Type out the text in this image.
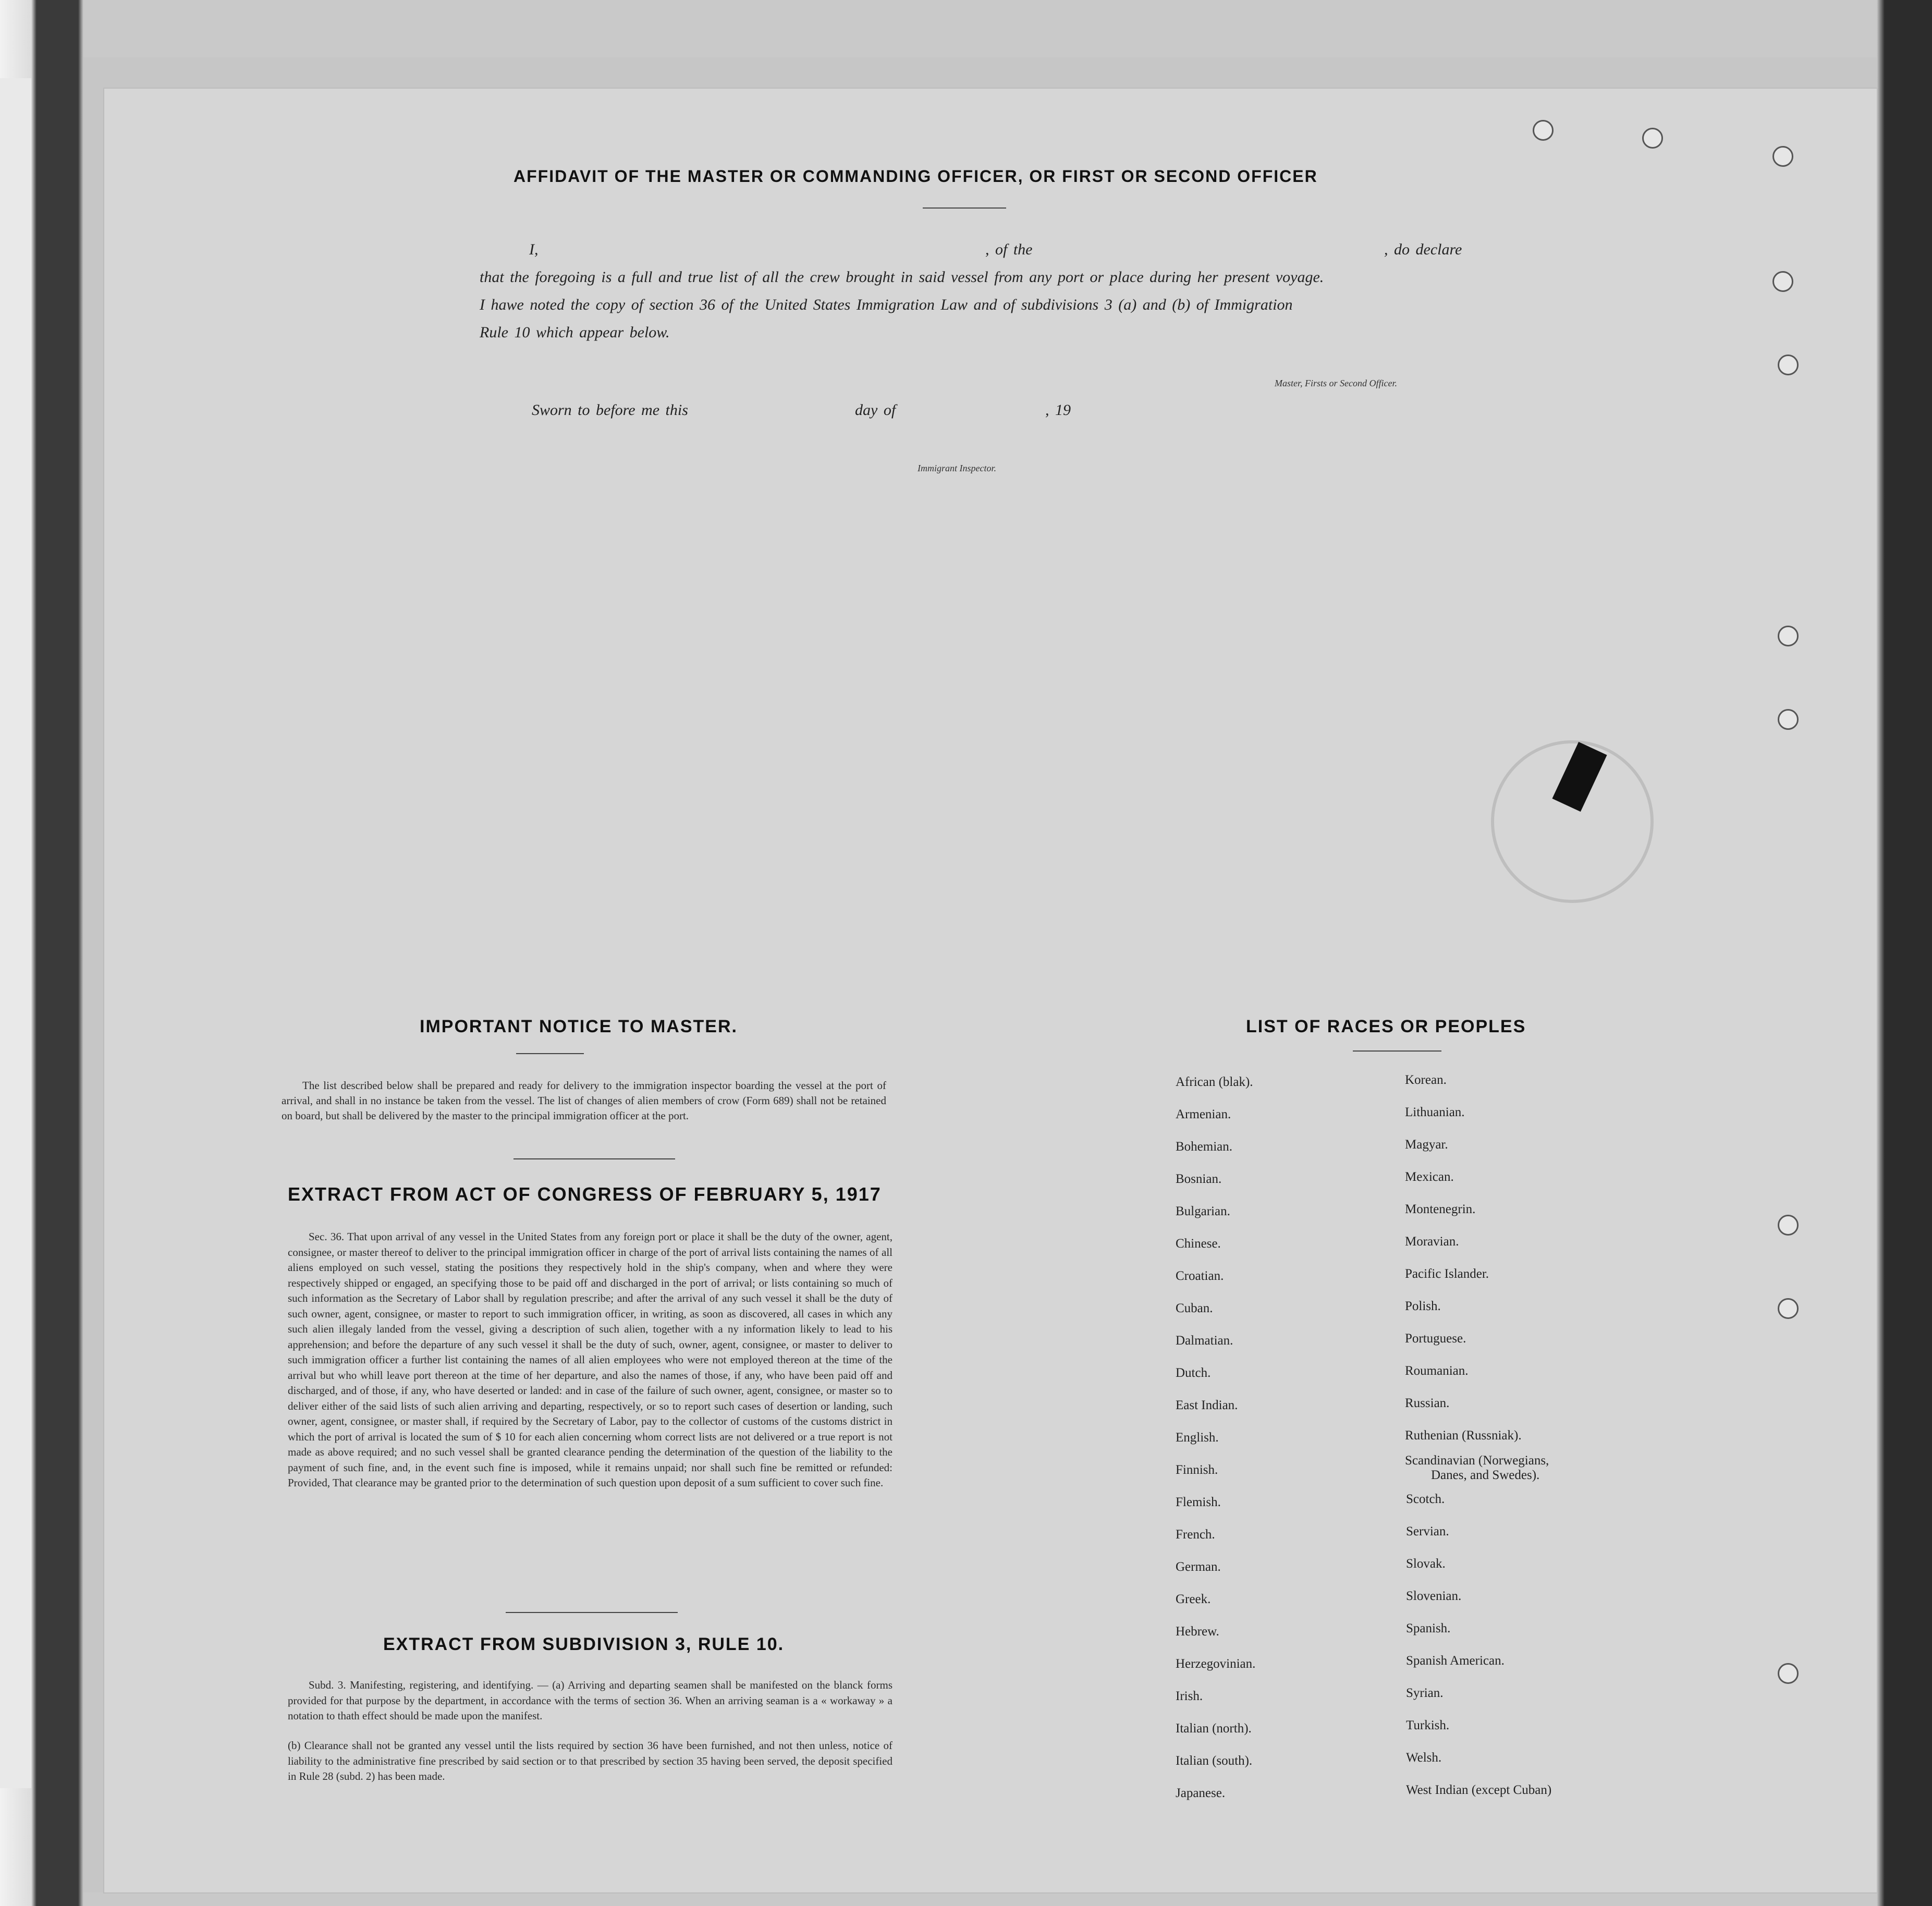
AFFIDAVIT OF THE MASTER OR COMMANDING OFFICER, OR FIRST OR SECOND OFFICER

I,	, of the	, do declare

that the foregoing is a full and true list of all the crew brought in said vessel from any port or place during her present voyage.

I hawe noted the copy of section 36 of the United States Immigration Law and of subdivisions 3 (a) and (b) of Immigration

Rule 10 which appear below.

Master, Firsts or Second Officer.

Sworn to before me this	day of	, 19

Immigrant Inspector.

IMPORTANT NOTICE TO MASTER.

The list described below shall be prepared and ready for delivery to the immigration inspector boarding the vessel at the port of arrival, and shall in no instance be taken from the vessel. The list of changes of alien members of crow (Form 689) shall not be retained on board, but shall be delivered by the master to the principal immigration officer at the port.

EXTRACT FROM ACT OF CONGRESS OF FEBRUARY 5, 1917

Sec. 36. That upon arrival of any vessel in the United States from any foreign port or place it shall be the duty of the owner, agent, consignee, or master thereof to deliver to the principal immigration officer in charge of the port of arrival lists containing the names of all aliens employed on such vessel, stating the positions they respectively hold in the ship's company, when and where they were respectively shipped or engaged, an specifying those to be paid off and discharged in the port of arrival; or lists containing so much of such information as the Secretary of Labor shall by regulation prescribe; and after the arrival of any such vessel it shall be the duty of such owner, agent, consignee, or master to report to such immigration officer, in writing, as soon as discovered, all cases in which any such alien illegaly landed from the vessel, giving a description of such alien, together with a ny information likely to lead to his apprehension; and before the departure of any such vessel it shall be the duty of such, owner, agent, consignee, or master to deliver to such immigration officer a further list containing the names of all alien employees who were not employed thereon at the time of the arrival but who whill leave port thereon at the time of her departure, and also the names of those, if any, who have been paid off and discharged, and of those, if any, who have deserted or landed: and in case of the failure of such owner, agent, consignee, or master so to deliver either of the said lists of such alien arriving and departing, respectively, or so to report such cases of desertion or landing, such owner, agent, consignee, or master shall, if required by the Secretary of Labor, pay to the collector of customs of the customs district in which the port of arrival is located the sum of $ 10 for each alien concerning whom correct lists are not delivered or a true report is not made as above required; and no such vessel shall be granted clearance pending the determination of the question of the liability to the payment of such fine, and, in the event such fine is imposed, while it remains unpaid; nor shall such fine be remitted or refunded: Provided, That clearance may be granted prior to the determination of such question upon deposit of a sum sufficient to cover such fine.

EXTRACT FROM SUBDIVISION 3, RULE 10.

Subd. 3. Manifesting, registering, and identifying. — (a) Arriving and departing seamen shall be manifested on the blanck forms provided for that purpose by the department, in accordance with the terms of section 36. When an arriving seaman is a « workaway » a notation to thath effect should be made upon the manifest.

(b) Clearance shall not be granted any vessel until the lists required by section 36 have been furnished, and not then unless, notice of liability to the administrative fine prescribed by said section or to that prescribed by section 35 having been served, the deposit specified in Rule 28 (subd. 2) has been made.

LIST OF RACES OR PEOPLES

African (blak).

Armenian.

Bohemian.

Bosnian.

Bulgarian.

Chinese.

Croatian.

Cuban.

Dalmatian.

Dutch.

East Indian.

English.

Finnish.

Flemish.

French.

German.

Greek.

Hebrew.

Herzegovinian.

Irish.

Italian (north).

Italian (south).

Japanese.

Korean.

Lithuanian.

Magyar.

Mexican.

Montenegrin.

Moravian.

Pacific Islander.

Polish.

Portuguese.

Roumanian.

Russian.

Ruthenian (Russniak).

Scandinavian (Norwegians,
Danes, and Swedes).

Scotch.

Servian.

Slovak.

Slovenian.

Spanish.

Spanish American.

Syrian.

Turkish.

Welsh.

West Indian (except Cuban)
